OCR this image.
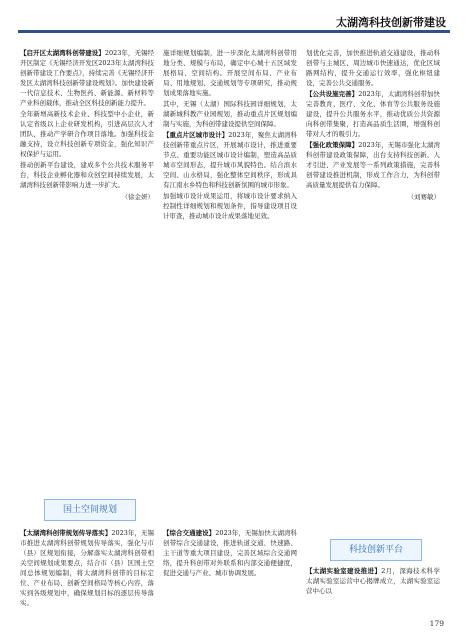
太湖湾科技创新带建设

【启开区太湖湾科创带建设】2023年，无锡经开区制定《无锡经济开发区2023年太湖湾科技创新带建设工作要点》，持续完善《无锡经济开发区太湖湾科技创新带建设规划》。加快建设新一代信息技术、生物医药、新能源、新材料等产业科创载体，推动全区科技创新能力提升。

全年新增高新技术企业、科技型中小企业，新认定省级以上企业研发机构，引进高层次人才团队，推动产学研合作项目落地。加强科技金融支持，设立科技创新专项资金，强化知识产权保护与运用。

推动创新平台建设，建成多个公共技术服务平台，科技企业孵化器和众创空间持续发展，太湖湾科技创新带影响力进一步扩大。

（徐金妍）
国土空间规划

【太湖湾科创带规划传导落实】2023年，无锡市推进太湖湾科创带规划传导落实，强化与市（县）区规划衔接，分解落实太湖湾科创带相关空间规划成果要点，结合市（县）区国土空间总体规划编制，将太湖湾科创带的目标定位、产业布局、创新空间格局等核心内容，落实到各级规划中，确保规划目标的逐层传导落实。

施详细规划编制，进一步深化太湖湾科创带用地分类、规模与布局，确定中心城十五区域发展格局、空间结构。开展空间布局、产业布局、用地规划、交通规划等专项研究，推动规划成果落地实施。

其中，无锡（太湖）国际科技园详细规划，太湖新城科教产业园规划，推动重点片区规划编制与实施，为科创带建设提供空间保障。

【重点片区城市设计】2023年，聚焦太湖湾科技创新带重点片区，开展城市设计，推进重要节点、重要功能区城市设计编制，塑造高品质城市空间形态，提升城市风貌特色。结合滨水空间、山水格局，强化整体空间秩序，形成具有江南水乡特色和科技创新氛围的城市形象。

加强城市设计成果运用，将城市设计要求纳入控制性详细规划和规划条件，指导建设项目设计审查，推动城市设计成果落地见效。

【综合交通建设】2023年，无锡加快太湖湾科创带综合交通建设，推进轨道交通、快速路、主干道等重大项目建设，完善区域综合交通网络，提升科创带对外联系和内部交通便捷度，促进交通与产业、城市协调发展。

划优化完善，加快推进轨道交通建设，推动科创带与主城区、周边城市快速通达，优化区域路网结构，提升交通运行效率，强化枢纽建设，完善公共交通服务。

【公共设施完善】2023年，太湖湾科创带加快完善教育、医疗、文化、体育等公共服务设施建设，提升公共服务水平，推动优质公共资源向科创带集聚，打造高品质生活圈，增强科创带对人才的吸引力。

【强化政策保障】2023年，无锡市强化太湖湾科创带建设政策保障，出台支持科技创新、人才引进、产业发展等一系列政策措施，完善科创带建设推进机制，形成工作合力，为科创带高质量发展提供有力保障。

（刘赛敏）
科技创新平台

【太湖实验室建设推进】2月，深海技术科学太湖实验室运营中心揭牌成立，太湖实验室运营中心以

179
